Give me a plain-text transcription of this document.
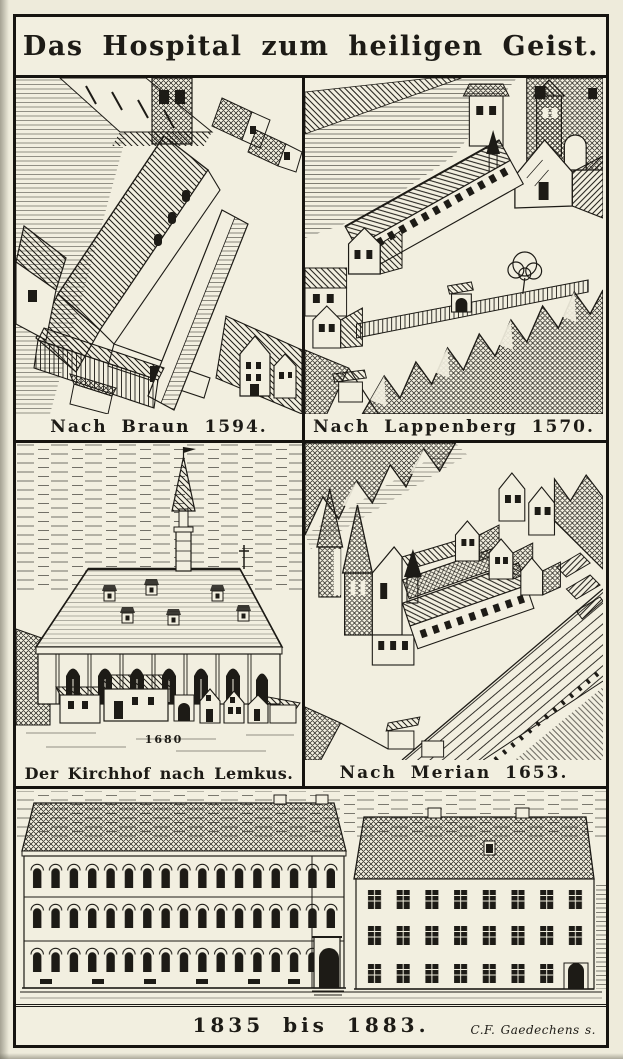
Das Hospital zum heiligen Geist.
Nach Braun 1594.	Nach Lappenberg 1570.
1680
Der Kirchhof nach Lemkus.	Nach Merian 1653.
1835 bis 1883.	C.F. Gaedechens s.
